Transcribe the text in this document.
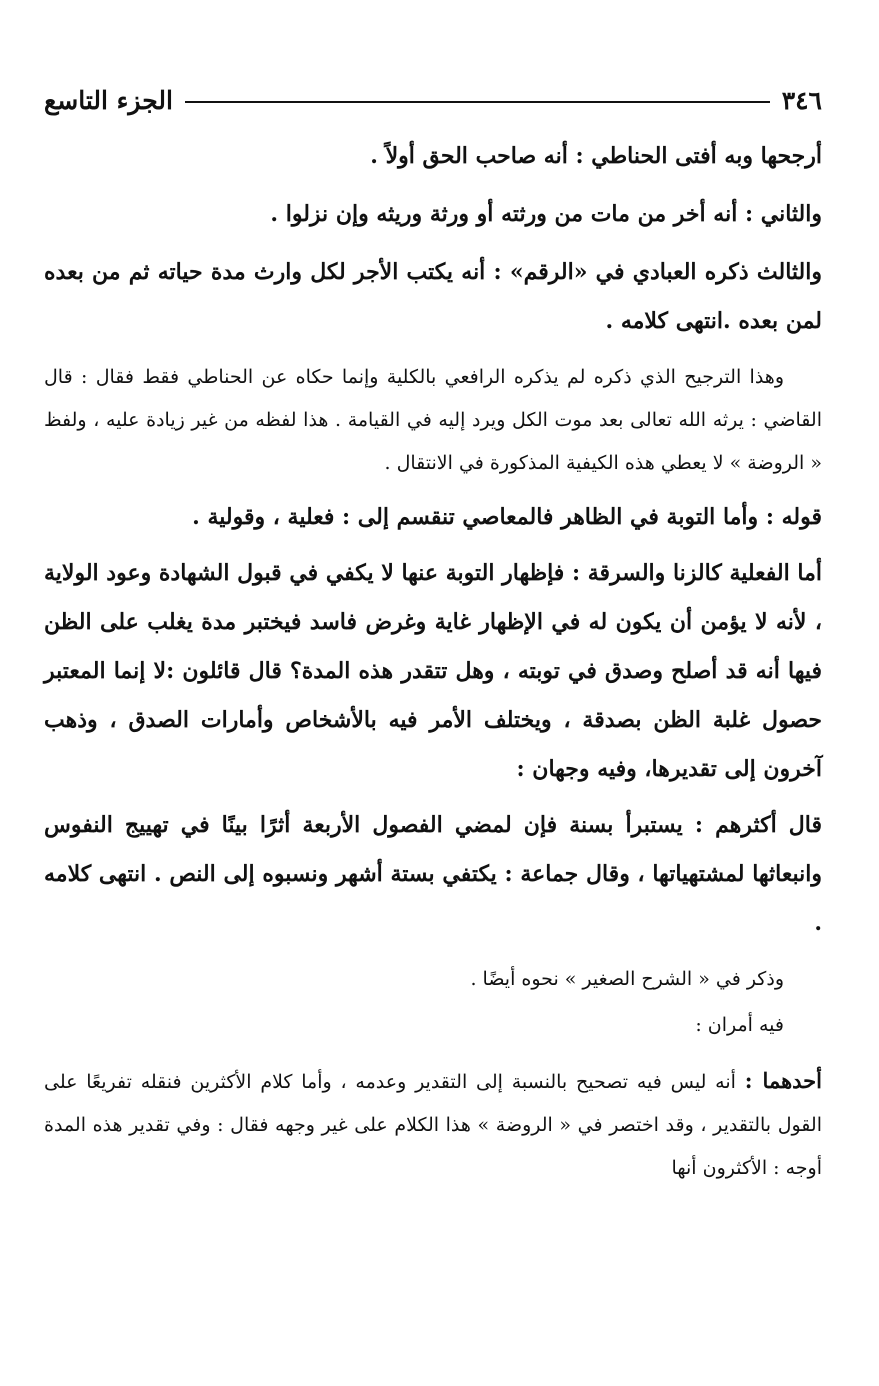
٣٤٦
الجزء التاسع

أرجحها وبه أفتى الحناطي : أنه صاحب الحق أولاً .

والثاني : أنه أخر من مات من ورثته أو ورثة وريثه وإن نزلوا .

والثالث ذكره العبادي في «الرقم» : أنه يكتب الأجر لكل وارث مدة حياته ثم من بعده لمن بعده .انتهى كلامه .

وهذا الترجيح الذي ذكره لم يذكره الرافعي بالكلية وإنما حكاه عن الحناطي فقط فقال : قال القاضي : يرثه الله تعالى بعد موت الكل ويرد إليه في القيامة . هذا لفظه من غير زيادة عليه ، ولفظ « الروضة » لا يعطي هذه الكيفية المذكورة في الانتقال .

قوله : وأما التوبة في الظاهر فالمعاصي تنقسم إلى : فعلية ، وقولية .

أما الفعلية كالزنا والسرقة : فإظهار التوبة عنها لا يكفي في قبول الشهادة وعود الولاية ، لأنه لا يؤمن أن يكون له في الإظهار غاية وغرض فاسد فيختبر مدة يغلب على الظن فيها أنه قد أصلح وصدق في توبته ، وهل تتقدر هذه المدة؟ قال قائلون :لا إنما المعتبر حصول غلبة الظن بصدقة ، ويختلف الأمر فيه بالأشخاص وأمارات الصدق ، وذهب آخرون إلى تقديرها، وفيه وجهان :

قال أكثرهم : يستبرأ بسنة فإن لمضي الفصول الأربعة أثرًا بينًا في تهييج النفوس وانبعاثها لمشتهياتها ، وقال جماعة : يكتفي بستة أشهر ونسبوه إلى النص . انتهى كلامه .

وذكر في « الشرح الصغير » نحوه أيضًا .

فيه أمران :

أحدهما : أنه ليس فيه تصحيح بالنسبة إلى التقدير وعدمه ، وأما كلام الأكثرين فنقله تفريعًا على القول بالتقدير ، وقد اختصر في « الروضة » هذا الكلام على غير وجهه فقال : وفي تقدير هذه المدة أوجه : الأكثرون أنها
